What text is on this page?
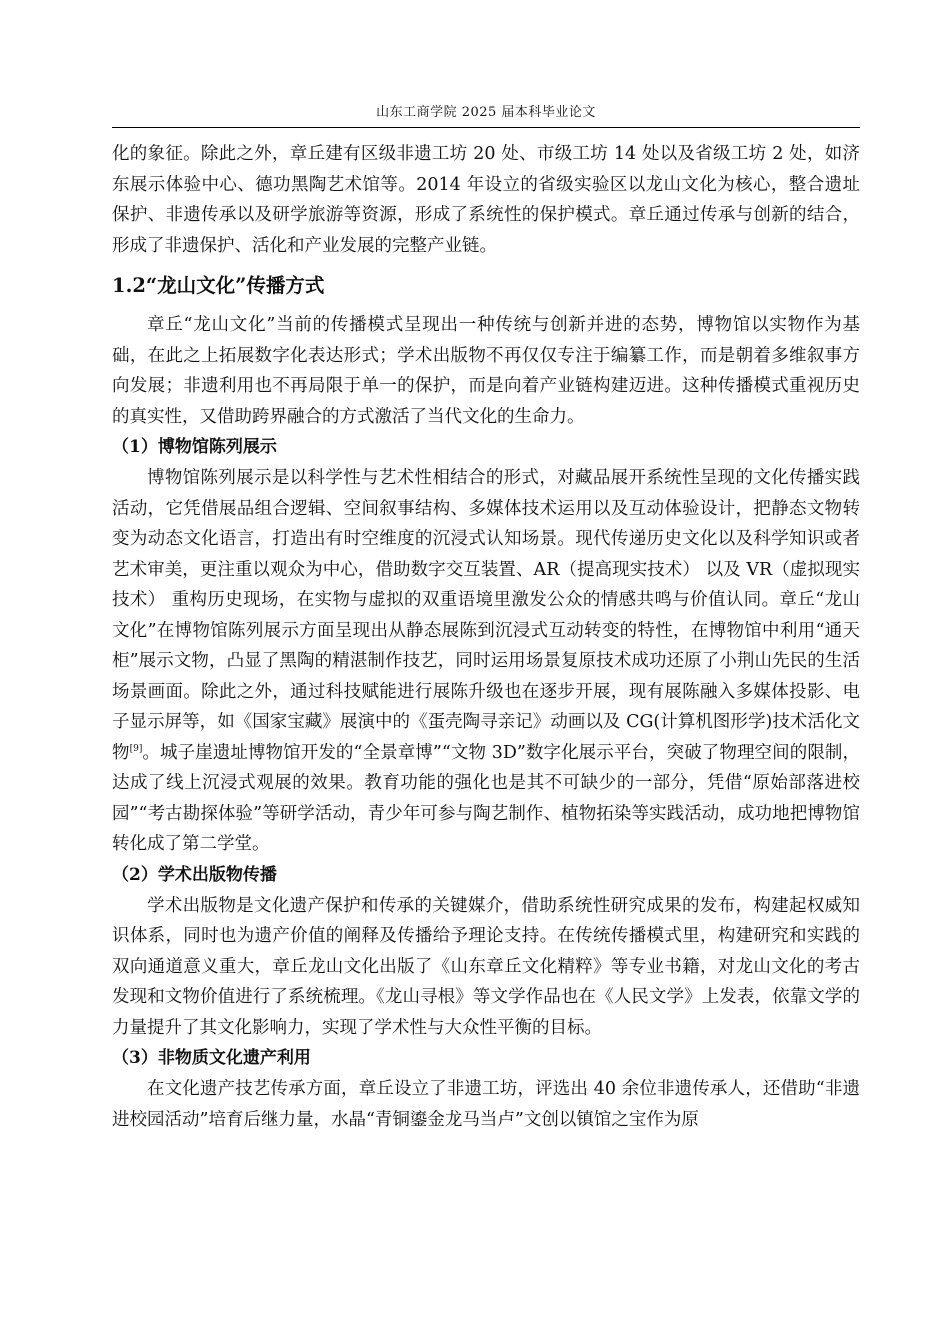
山东工商学院 2025 届本科毕业论文

化的象征。除此之外，章丘建有区级非遗工坊 20 处、市级工坊 14 处以及省级工坊 2 处，如济东展示体验中心、德功黑陶艺术馆等。2014 年设立的省级实验区以龙山文化为核心，整合遗址保护、非遗传承以及研学旅游等资源，形成了系统性的保护模式。章丘通过传承与创新的结合，形成了非遗保护、活化和产业发展的完整产业链。

1.2“龙山文化”传播方式

章丘“龙山文化”当前的传播模式呈现出一种传统与创新并进的态势，博物馆以实物作为基础，在此之上拓展数字化表达形式；学术出版物不再仅仅专注于编纂工作，而是朝着多维叙事方向发展；非遗利用也不再局限于单一的保护，而是向着产业链构建迈进。这种传播模式重视历史的真实性，又借助跨界融合的方式激活了当代文化的生命力。

（1）博物馆陈列展示

博物馆陈列展示是以科学性与艺术性相结合的形式，对藏品展开系统性呈现的文化传播实践活动，它凭借展品组合逻辑、空间叙事结构、多媒体技术运用以及互动体验设计，把静态文物转变为动态文化语言，打造出有时空维度的沉浸式认知场景。现代传递历史文化以及科学知识或者艺术审美，更注重以观众为中心，借助数字交互装置、AR（提高现实技术） 以及 VR（虚拟现实技术） 重构历史现场，在实物与虚拟的双重语境里激发公众的情感共鸣与价值认同。章丘“龙山文化”在博物馆陈列展示方面呈现出从静态展陈到沉浸式互动转变的特性，在博物馆中利用“通天柜”展示文物，凸显了黑陶的精湛制作技艺，同时运用场景复原技术成功还原了小荆山先民的生活场景画面。除此之外，通过科技赋能进行展陈升级也在逐步开展，现有展陈融入多媒体投影、电子显示屏等，如《国家宝藏》展演中的《蛋壳陶寻亲记》动画以及 CG(计算机图形学)技术活化文物[9]。城子崖遗址博物馆开发的“全景章博”“文物 3D”数字化展示平台，突破了物理空间的限制，达成了线上沉浸式观展的效果。教育功能的强化也是其不可缺少的一部分，凭借“原始部落进校园”“考古勘探体验”等研学活动，青少年可参与陶艺制作、植物拓染等实践活动，成功地把博物馆转化成了第二学堂。

（2）学术出版物传播

学术出版物是文化遗产保护和传承的关键媒介，借助系统性研究成果的发布，构建起权威知识体系，同时也为遗产价值的阐释及传播给予理论支持。在传统传播模式里，构建研究和实践的双向通道意义重大，章丘龙山文化出版了《山东章丘文化精粹》等专业书籍，对龙山文化的考古发现和文物价值进行了系统梳理。《龙山寻根》等文学作品也在《人民文学》上发表，依靠文学的力量提升了其文化影响力，实现了学术性与大众性平衡的目标。

（3）非物质文化遗产利用

在文化遗产技艺传承方面，章丘设立了非遗工坊，评选出 40 余位非遗传承人，还借助“非遗进校园活动”培育后继力量，水晶“青铜鎏金龙马当卢”文创以镇馆之宝作为原
